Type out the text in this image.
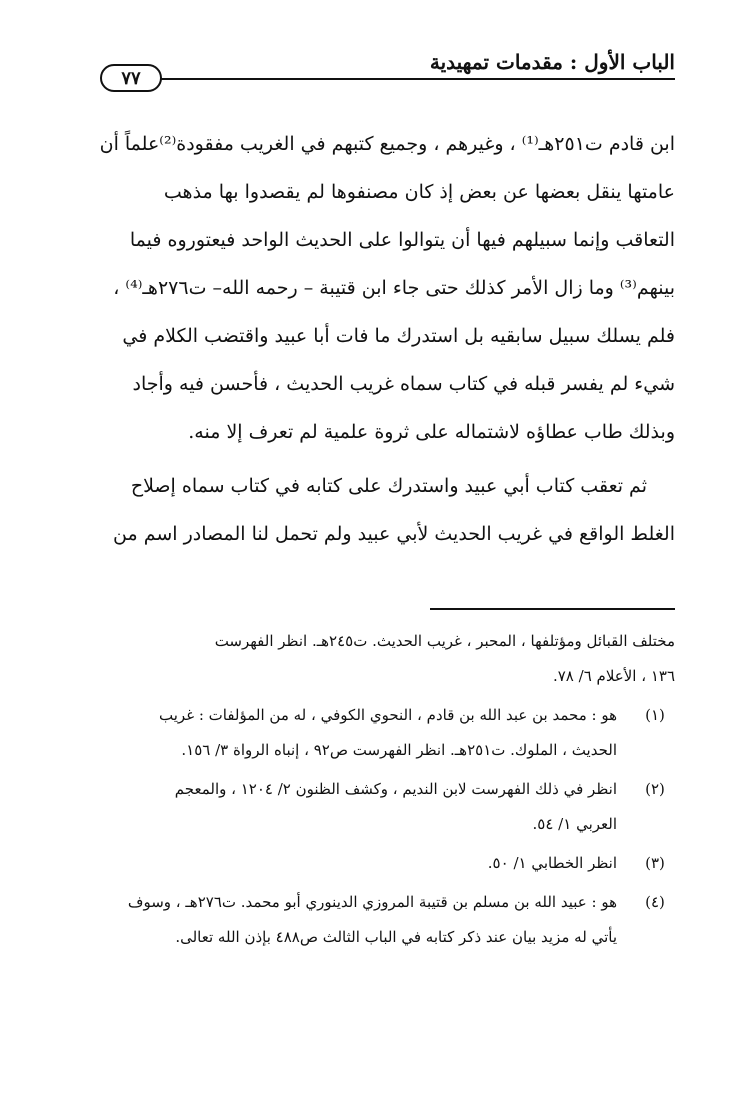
الباب الأول : مقدمات تمهيدية
٧٧
ابن قادم ت٢٥١هـ⁽¹⁾ ، وغيرهم ، وجميع كتبهم في الغريب مفقودة⁽²⁾علماً أن
عامتها ينقل بعضها عن بعض إذ كان مصنفوها لم يقصدوا بها مذهب
التعاقب وإنما سبيلهم فيها أن يتوالوا على الحديث الواحد فيعتوروه فيما
بينهم⁽³⁾ وما زال الأمر كذلك حتى جاء ابن قتيبة – رحمه الله– ت٢٧٦هـ⁽⁴⁾ ،
فلم يسلك سبيل سابقيه بل استدرك ما فات أبا عبيد واقتضب الكلام في
شيء لم يفسر قبله في كتاب سماه غريب الحديث ، فأحسن فيه وأجاد
وبذلك طاب عطاؤه لاشتماله على ثروة علمية لم تعرف إلا منه.
ثم تعقب كتاب أبي عبيد واستدرك على كتابه في كتاب سماه إصلاح
الغلط الواقع في غريب الحديث لأبي عبيد ولم تحمل لنا المصادر اسم من
مختلف القبائل ومؤتلفها ، المحبر ، غريب الحديث. ت٢٤٥هـ. انظر الفهرست
١٣٦ ، الأعلام ٦/ ٧٨.
(١)
هو : محمد بن عبد الله بن قادم ، النحوي الكوفي ، له من المؤلفات : غريب
الحديث ، الملوك. ت٢٥١هـ. انظر الفهرست ص٩٢ ، إنباه الرواة ٣/ ١٥٦.
(٢)
انظر في ذلك الفهرست لابن النديم ، وكشف الظنون ٢/ ١٢٠٤ ، والمعجم
العربي ١/ ٥٤.
(٣)
انظر الخطابي ١/ ٥٠.
(٤)
هو : عبيد الله بن مسلم بن قتيبة المروزي الدينوري أبو محمد. ت٢٧٦هـ ، وسوف
يأتي له مزيد بيان عند ذكر كتابه في الباب الثالث ص٤٨٨ بإذن الله تعالى.
